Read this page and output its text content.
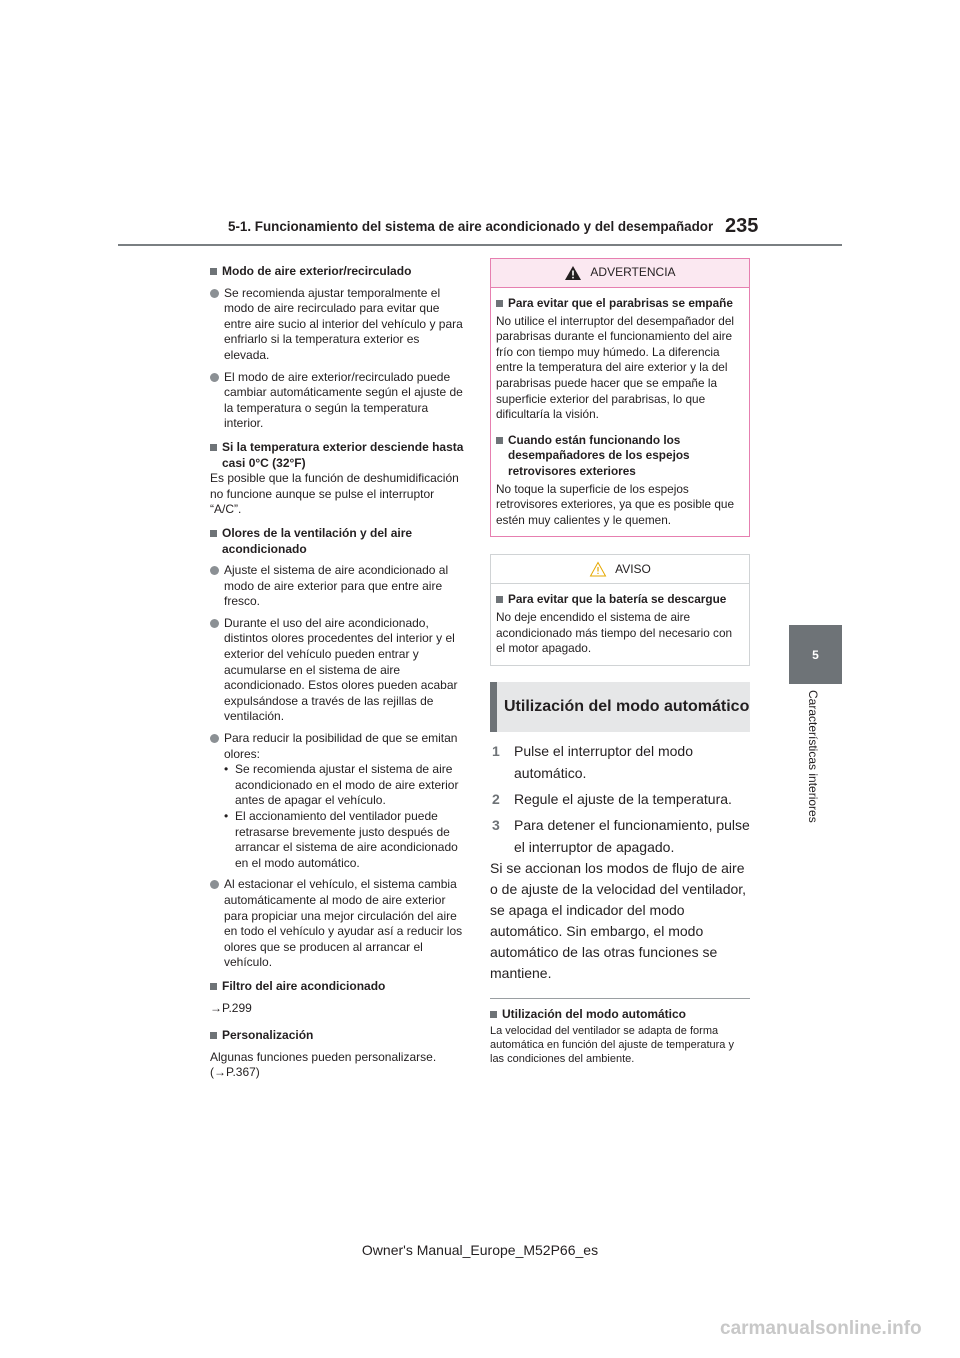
5-1. Funcionamiento del sistema de aire acondicionado y del desempañador 235
5
Características interiores
Modo de aire exterior/recirculado
Se recomienda ajustar temporalmente el modo de aire recirculado para evitar que entre aire sucio al interior del vehículo y para enfriarlo si la temperatura exterior es elevada.
El modo de aire exterior/recirculado puede cambiar automáticamente según el ajuste de la temperatura o según la temperatura interior.
Si la temperatura exterior desciende hasta casi 0°C (32°F)

Es posible que la función de deshumidificación no funcione aunque se pulse el interruptor “A/C”.

Olores de la ventilación y del aire acondicionado
Ajuste el sistema de aire acondicionado al modo de aire exterior para que entre aire fresco.
Durante el uso del aire acondicionado, distintos olores procedentes del interior y el exterior del vehículo pueden entrar y acumularse en el sistema de aire acondicionado. Estos olores pueden acabar expulsándose a través de las rejillas de ventilación.
Para reducir la posibilidad de que se emitan olores:
• Se recomienda ajustar el sistema de aire acondicionado en el modo de aire exterior antes de apagar el vehículo.
• El accionamiento del ventilador puede retrasarse brevemente justo después de arrancar el sistema de aire acondicionado en el modo automático.
Al estacionar el vehículo, el sistema cambia automáticamente al modo de aire exterior para propiciar una mejor circulación del aire en todo el vehículo y ayudar así a reducir los olores que se producen al arrancar el vehículo.
Filtro del aire acondicionado

→P.299

Personalización

Algunas funciones pueden personalizarse. (→P.367)

ADVERTENCIA
Para evitar que el parabrisas se empañe

No utilice el interruptor del desempañador del parabrisas durante el funcionamiento del aire frío con tiempo muy húmedo. La diferencia entre la temperatura del aire exterior y la del parabrisas puede hacer que se empañe la superficie exterior del parabrisas, lo que dificultaría la visión.

Cuando están funcionando los desempañadores de los espejos retrovisores exteriores

No toque la superficie de los espejos retrovisores exteriores, ya que es posible que estén muy calientes y le quemen.

AVISO
Para evitar que la batería se descargue

No deje encendido el sistema de aire acondicionado más tiempo del necesario con el motor apagado.

Utilización del modo automático
1	Pulse el interruptor del modo automático.
2	Regule el ajuste de la temperatura.
3	Para detener el funcionamiento, pulse el interruptor de apagado.

Si se accionan los modos de flujo de aire o de ajuste de la velocidad del ventilador, se apaga el indicador del modo automático. Sin embargo, el modo automático de las otras funciones se mantiene.

Utilización del modo automático

La velocidad del ventilador se adapta de forma automática en función del ajuste de temperatura y las condiciones del ambiente.

Owner's Manual_Europe_M52P66_es
carmanualsonline.info
